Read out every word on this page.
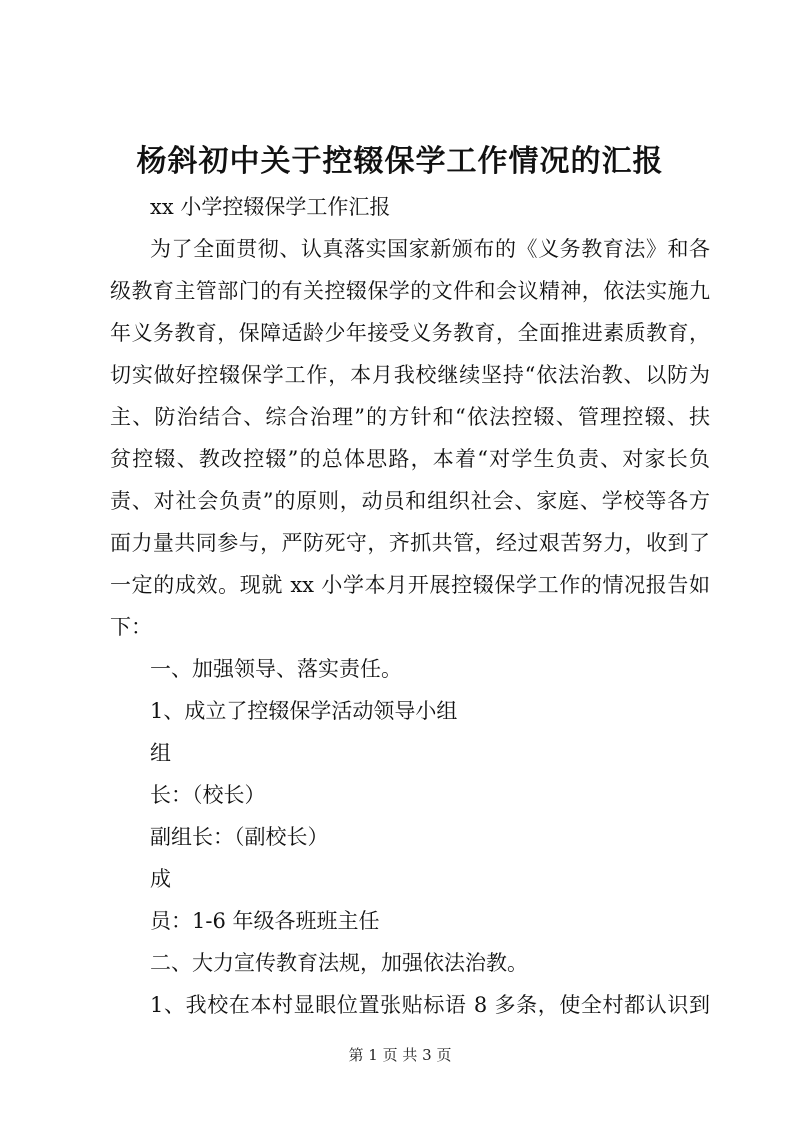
杨斜初中关于控辍保学工作情况的汇报
xx 小学控辍保学工作汇报
为了全面贯彻、认真落实国家新颁布的《义务教育法》和各
级教育主管部门的有关控辍保学的文件和会议精神，依法实施九
年义务教育，保障适龄少年接受义务教育，全面推进素质教育，
切实做好控辍保学工作，本月我校继续坚持“依法治教、以防为
主、防治结合、综合治理”的方针和“依法控辍、管理控辍、扶
贫控辍、教改控辍”的总体思路，本着“对学生负责、对家长负
责、对社会负责”的原则，动员和组织社会、家庭、学校等各方
面力量共同参与，严防死守，齐抓共管，经过艰苦努力，收到了
一定的成效。现就 xx 小学本月开展控辍保学工作的情况报告如
下：
一、加强领导、落实责任。
1、成立了控辍保学活动领导小组
组
长：（校长）
副组长：（副校长）
成
员：1-6 年级各班班主任
二、大力宣传教育法规，加强依法治教。
1、我校在本村显眼位置张贴标语 8 多条，使全村都认识到
第 1 页 共 3 页
